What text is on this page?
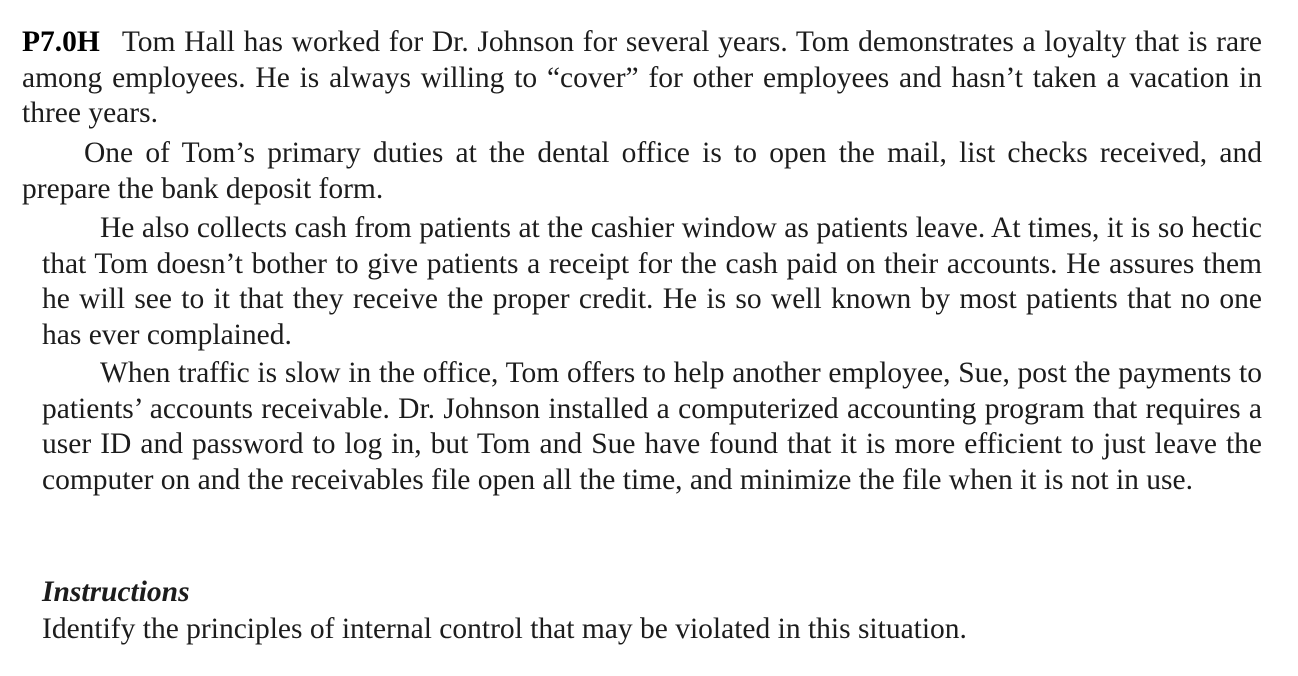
P7.0H Tom Hall has worked for Dr. Johnson for several years. Tom demonstrates a loyalty that is rare among employees. He is always willing to “cover” for other employees and hasn’t taken a vacation in three years.

One of Tom’s primary duties at the dental office is to open the mail, list checks received, and prepare the bank deposit form.

He also collects cash from patients at the cashier window as patients leave. At times, it is so hectic that Tom doesn’t bother to give patients a receipt for the cash paid on their accounts. He assures them he will see to it that they receive the proper credit. He is so well known by most patients that no one has ever complained.

When traffic is slow in the office, Tom offers to help another employee, Sue, post the payments to patients’ accounts receivable. Dr. Johnson installed a computerized accounting program that requires a user ID and password to log in, but Tom and Sue have found that it is more efficient to just leave the computer on and the receivables file open all the time, and minimize the file when it is not in use.

Instructions

Identify the principles of internal control that may be violated in this situation.
